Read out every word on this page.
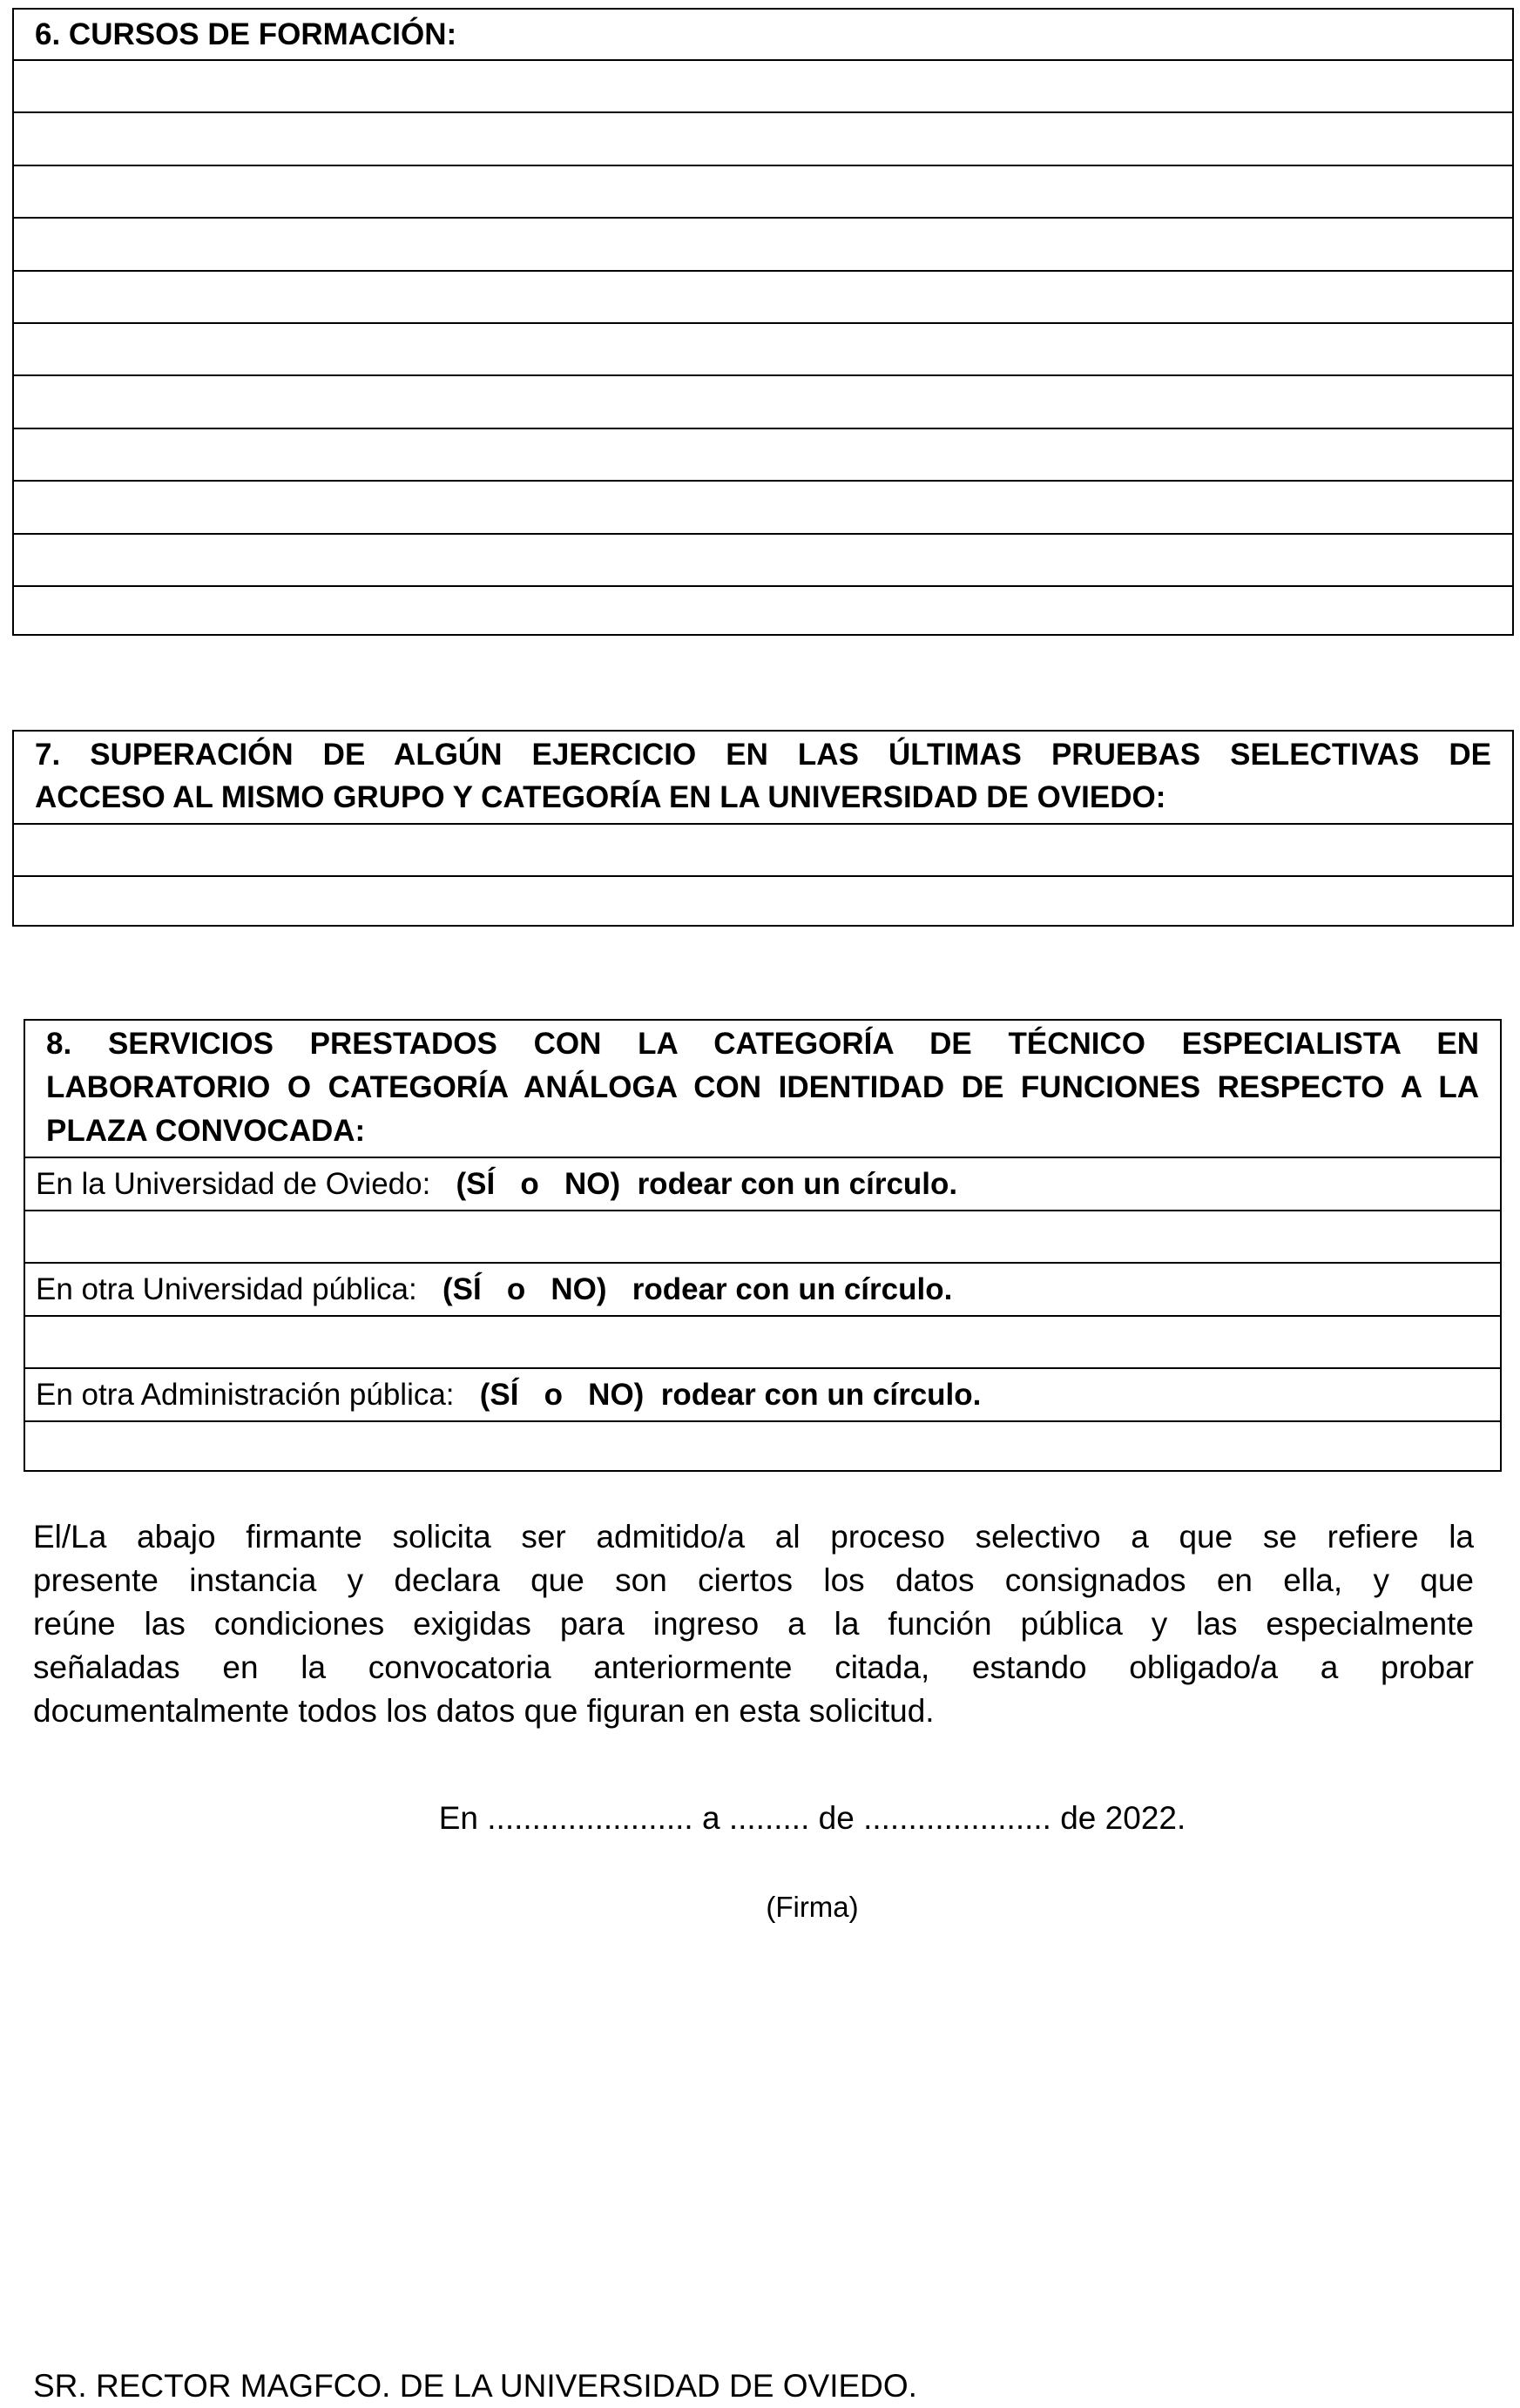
6. CURSOS DE FORMACIÓN:
7. SUPERACIÓN DE ALGÚN EJERCICIO EN LAS ÚLTIMAS PRUEBAS SELECTIVAS DE
ACCESO AL MISMO GRUPO Y CATEGORÍA EN LA UNIVERSIDAD DE OVIEDO:
8. SERVICIOS PRESTADOS CON LA CATEGORÍA DE TÉCNICO ESPECIALISTA EN
LABORATORIO O CATEGORÍA ANÁLOGA CON IDENTIDAD DE FUNCIONES RESPECTO A LA
PLAZA CONVOCADA:
En la Universidad de Oviedo: (SÍ   o   NO) rodear con un círculo.
En otra Universidad pública: (SÍ   o   NO) rodear con un círculo.
En otra Administración pública: (SÍ   o   NO) rodear con un círculo.
El/La abajo firmante solicita ser admitido/a al proceso selectivo a que se refiere la
presente instancia y declara que son ciertos los datos consignados en ella, y que
reúne las condiciones exigidas para ingreso a la función pública y las especialmente
señaladas en la convocatoria anteriormente citada, estando obligado/a a probar
documentalmente todos los datos que figuran en esta solicitud.
En ....................... a ......... de ..................... de 2022.
(Firma)
SR. RECTOR MAGFCO. DE LA UNIVERSIDAD DE OVIEDO.
